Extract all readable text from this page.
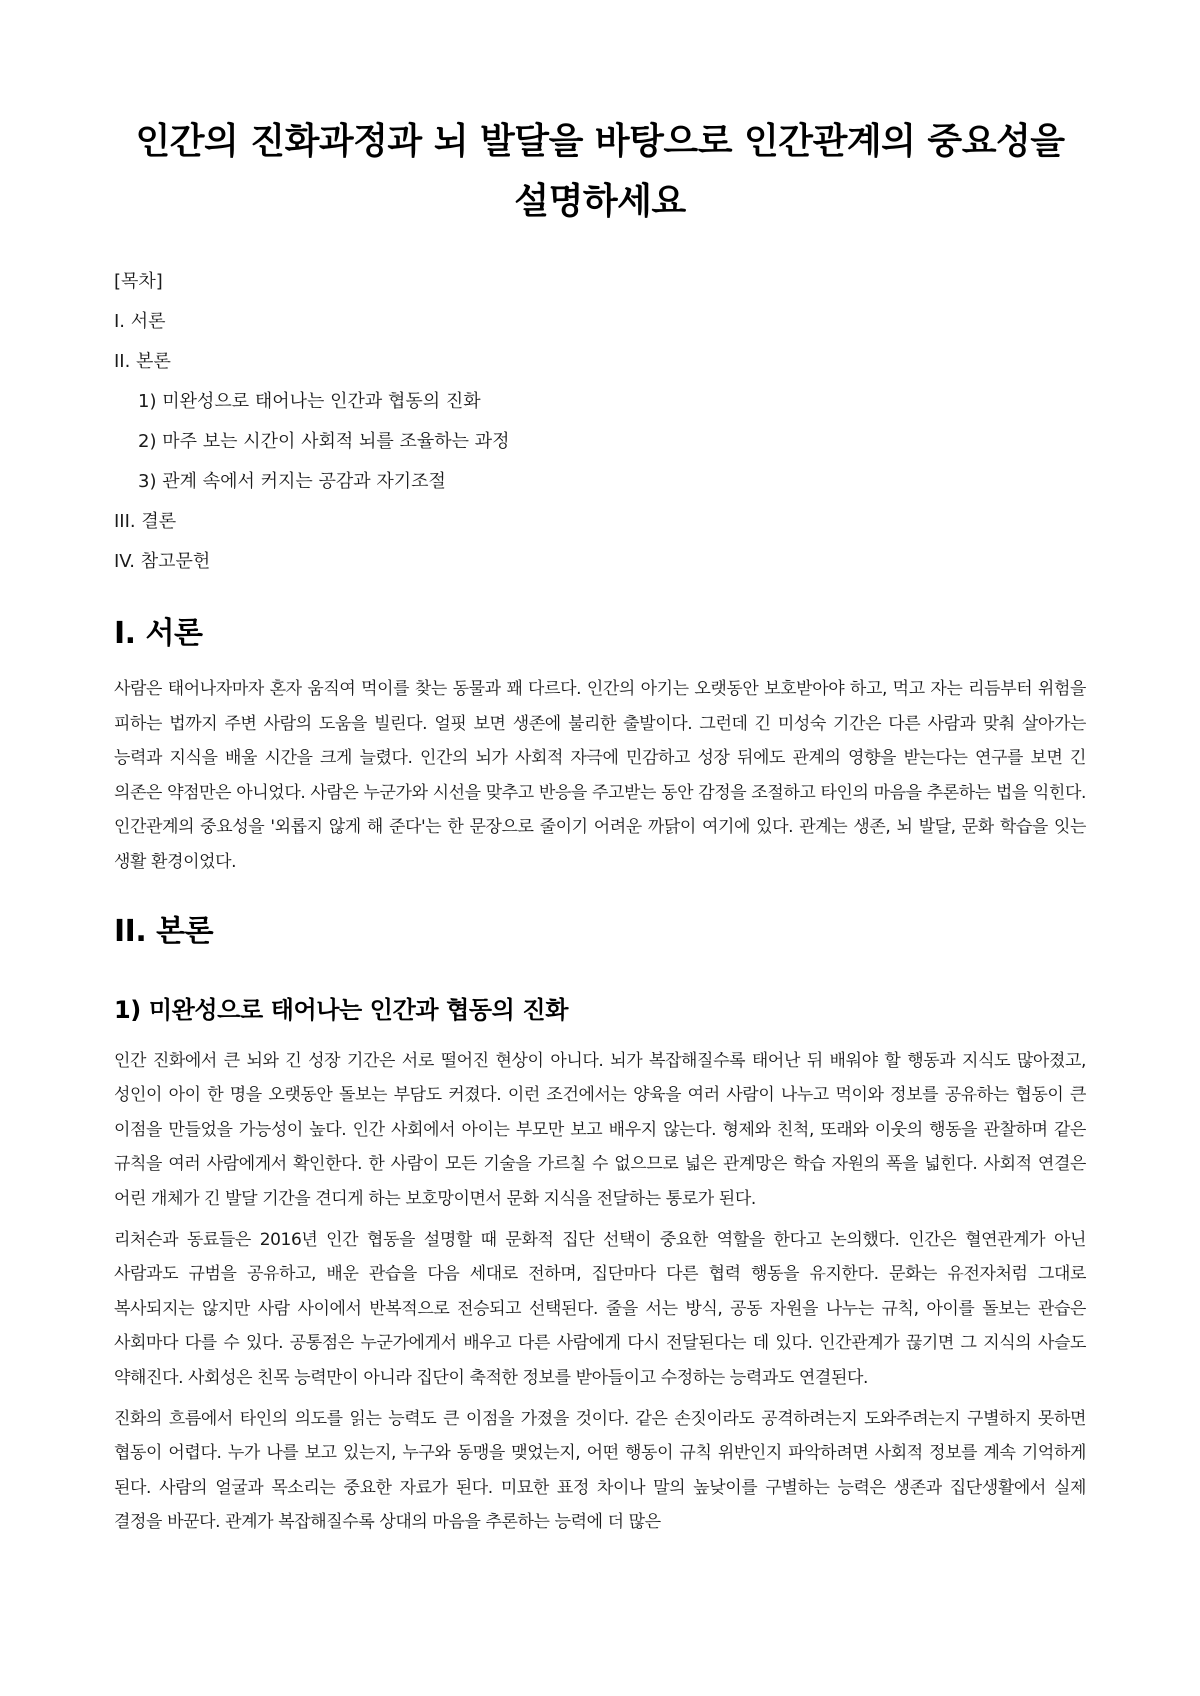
인간의 진화과정과 뇌 발달을 바탕으로 인간관계의 중요성을 설명하세요
[목차]
I. 서론
II. 본론
1) 미완성으로 태어나는 인간과 협동의 진화
2) 마주 보는 시간이 사회적 뇌를 조율하는 과정
3) 관계 속에서 커지는 공감과 자기조절
III. 결론
IV. 참고문헌
I. 서론

사람은 태어나자마자 혼자 움직여 먹이를 찾는 동물과 꽤 다르다. 인간의 아기는 오랫동안 보호받아야 하고, 먹고 자는 리듬부터 위험을 피하는 법까지 주변 사람의 도움을 빌린다. 얼핏 보면 생존에 불리한 출발이다. 그런데 긴 미성숙 기간은 다른 사람과 맞춰 살아가는 능력과 지식을 배울 시간을 크게 늘렸다. 인간의 뇌가 사회적 자극에 민감하고 성장 뒤에도 관계의 영향을 받는다는 연구를 보면 긴 의존은 약점만은 아니었다. 사람은 누군가와 시선을 맞추고 반응을 주고받는 동안 감정을 조절하고 타인의 마음을 추론하는 법을 익힌다. 인간관계의 중요성을 '외롭지 않게 해 준다'는 한 문장으로 줄이기 어려운 까닭이 여기에 있다. 관계는 생존, 뇌 발달, 문화 학습을 잇는 생활 환경이었다.

II. 본론
1) 미완성으로 태어나는 인간과 협동의 진화

인간 진화에서 큰 뇌와 긴 성장 기간은 서로 떨어진 현상이 아니다. 뇌가 복잡해질수록 태어난 뒤 배워야 할 행동과 지식도 많아졌고, 성인이 아이 한 명을 오랫동안 돌보는 부담도 커졌다. 이런 조건에서는 양육을 여러 사람이 나누고 먹이와 정보를 공유하는 협동이 큰 이점을 만들었을 가능성이 높다. 인간 사회에서 아이는 부모만 보고 배우지 않는다. 형제와 친척, 또래와 이웃의 행동을 관찰하며 같은 규칙을 여러 사람에게서 확인한다. 한 사람이 모든 기술을 가르칠 수 없으므로 넓은 관계망은 학습 자원의 폭을 넓힌다. 사회적 연결은 어린 개체가 긴 발달 기간을 견디게 하는 보호망이면서 문화 지식을 전달하는 통로가 된다.

리처슨과 동료들은 2016년 인간 협동을 설명할 때 문화적 집단 선택이 중요한 역할을 한다고 논의했다. 인간은 혈연관계가 아닌 사람과도 규범을 공유하고, 배운 관습을 다음 세대로 전하며, 집단마다 다른 협력 행동을 유지한다. 문화는 유전자처럼 그대로 복사되지는 않지만 사람 사이에서 반복적으로 전승되고 선택된다. 줄을 서는 방식, 공동 자원을 나누는 규칙, 아이를 돌보는 관습은 사회마다 다를 수 있다. 공통점은 누군가에게서 배우고 다른 사람에게 다시 전달된다는 데 있다. 인간관계가 끊기면 그 지식의 사슬도 약해진다. 사회성은 친목 능력만이 아니라 집단이 축적한 정보를 받아들이고 수정하는 능력과도 연결된다.

진화의 흐름에서 타인의 의도를 읽는 능력도 큰 이점을 가졌을 것이다. 같은 손짓이라도 공격하려는지 도와주려는지 구별하지 못하면 협동이 어렵다. 누가 나를 보고 있는지, 누구와 동맹을 맺었는지, 어떤 행동이 규칙 위반인지 파악하려면 사회적 정보를 계속 기억하게 된다. 사람의 얼굴과 목소리는 중요한 자료가 된다. 미묘한 표정 차이나 말의 높낮이를 구별하는 능력은 생존과 집단생활에서 실제 결정을 바꾼다. 관계가 복잡해질수록 상대의 마음을 추론하는 능력에 더 많은
